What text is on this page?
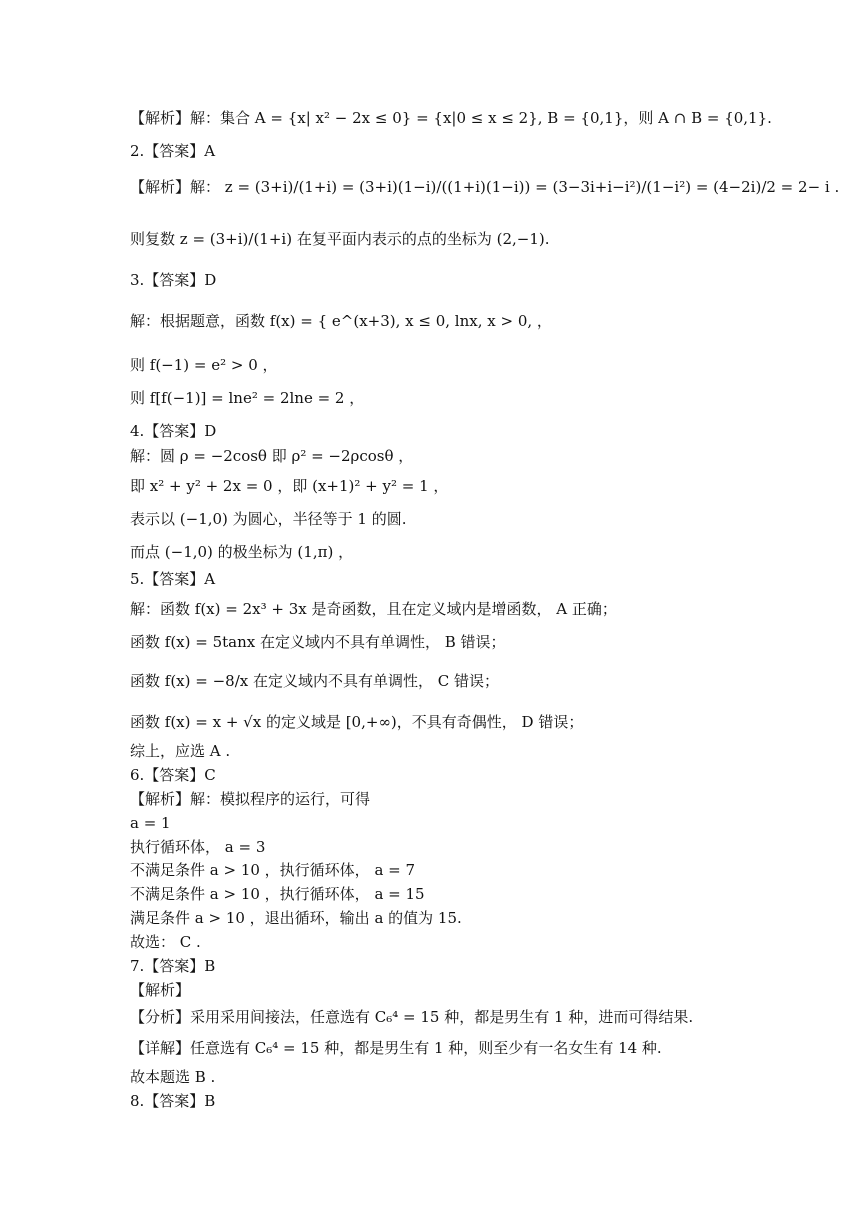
【解析】解：集合 A = {x| x² − 2x ≤ 0} = {x|0 ≤ x ≤ 2}, B = {0,1}，则 A ∩ B = {0,1}.
2.【答案】A
【解析】解： z = (3+i)/(1+i) = (3+i)(1−i)/((1+i)(1−i)) = (3−3i+i−i²)/(1−i²) = (4−2i)/2 = 2− i .
则复数 z = (3+i)/(1+i) 在复平面内表示的点的坐标为 (2,−1).
3.【答案】D
解：根据题意，函数 f(x) = { e^(x+3), x ≤ 0, lnx, x > 0, ，
则 f(−1) = e² > 0 ，
则 f[f(−1)] = lne² = 2lne = 2 ，
4.【答案】D
解：圆 ρ = −2cosθ 即 ρ² = −2ρcosθ ，
即 x² + y² + 2x = 0 ，即 (x+1)² + y² = 1 ，
表示以 (−1,0) 为圆心，半径等于 1 的圆.
而点 (−1,0) 的极坐标为 (1,π) ，
5.【答案】A
解：函数 f(x) = 2x³ + 3x 是奇函数，且在定义域内是增函数， A 正确；
函数 f(x) = 5tanx 在定义域内不具有单调性， B 错误；
函数 f(x) = −8/x 在定义域内不具有单调性， C 错误；
函数 f(x) = x + √x 的定义域是 [0,+∞)，不具有奇偶性， D 错误；
综上，应选 A .
6.【答案】C
【解析】解：模拟程序的运行，可得
a = 1
执行循环体， a = 3
不满足条件 a > 10 ，执行循环体， a = 7
不满足条件 a > 10 ，执行循环体， a = 15
满足条件 a > 10 ，退出循环，输出 a 的值为 15.
故选： C .
7.【答案】B
【解析】
【分析】采用采用间接法，任意选有 C₆⁴ = 15 种，都是男生有 1 种，进而可得结果.
【详解】任意选有 C₆⁴ = 15 种，都是男生有 1 种，则至少有一名女生有 14 种.
故本题选 B .
8.【答案】B
